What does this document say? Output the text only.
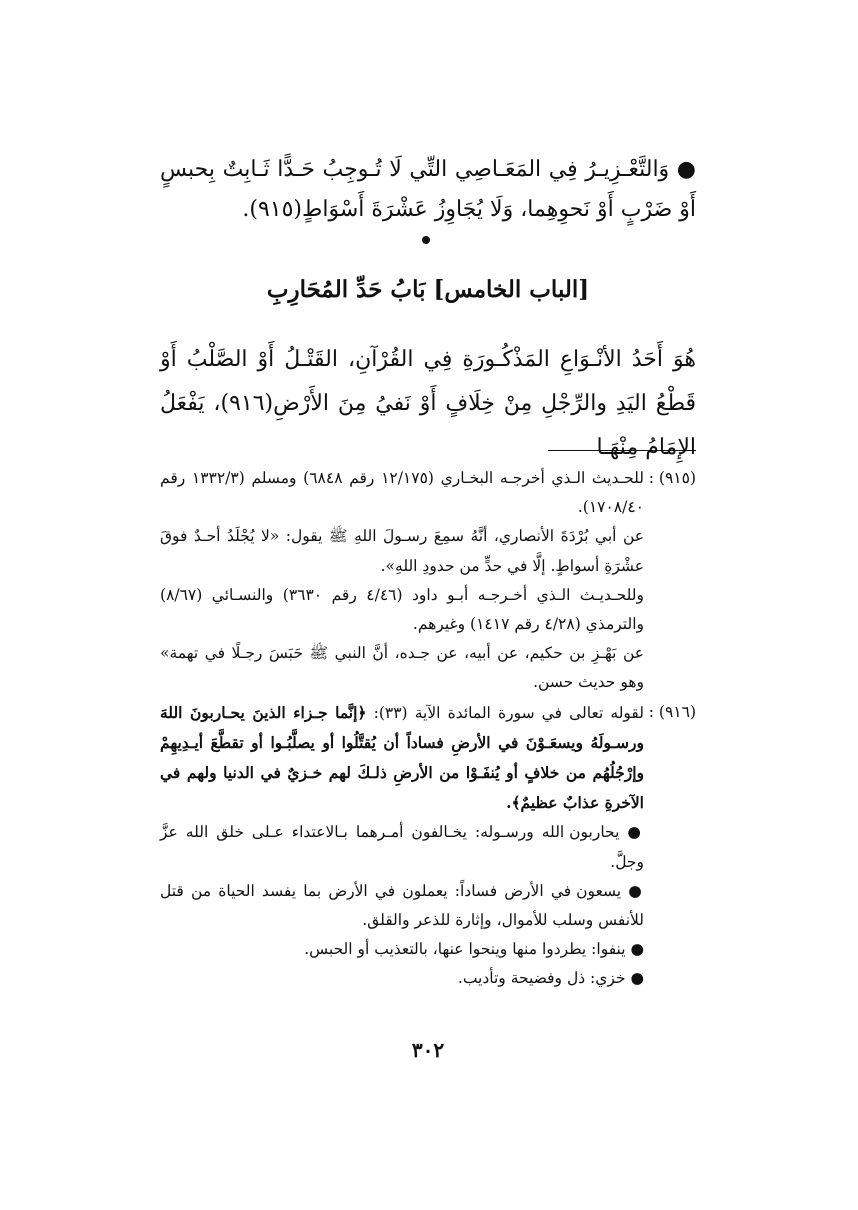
● وَالتَّعْـزِيـرُ فِي المَعَـاصِي التِّي لَا تُـوجِبُ حَـدًّا ثَـابِتٌ بِحبسٍ أَوْ ضَرْبٍ أَوْ نَحوِهِما، وَلَا يُجَاوِزُ عَشْرَةَ أَسْوَاطٍ(٩١٥).
[الباب الخامس] بَابُ حَدِّ المُحَارِبِ
هُوَ أَحَدُ الأنْـوَاعِ المَذْكُـورَةِ فِي القُرْآنِ، القَتْـلُ أَوْ الصَّلْبُ أَوْ قَطْعُ اليَدِ والرِّجْلِ مِنْ خِلَافٍ أَوْ نَفيُ مِنَ الأَرْضِ(٩١٦)، يَفْعَلُ الإِمَامُ مِنْهَـا
(٩١٥) :

للحـديث الـذي أخرجـه البخـاري (١٢/١٧٥ رقم ٦٨٤٨) ومسلم (١٣٣٢/٣ رقم ١٧٠٨/٤٠).

عن أبي بُرْدَةَ الأنصاري، أنَّهُ سمِعَ رسـولَ اللهِ ﷺ يقول: «لا يُجْلَدُ أحـدٌ فوقَ عشْرَةِ أسواطٍ. إلَّا في حدٍّ من حدودِ اللهِ».

وللحـديـث الـذي أخـرجـه أبـو داود (٤/٤٦ رقم ٣٦٣٠) والنسـائي (٨/٦٧) والترمذي (٤/٢٨ رقم ١٤١٧) وغيرهم.

عن بَهْـزِ بن حكيم، عن أبيه، عن جـده، أنَّ النبي ﷺ حَبَسَ رجـلًا في تهمة» وهو حديث حسن.

(٩١٦) :

لقوله تعالى في سورة المائدة الآية (٣٣): ﴿إنَّما جـزاء الذينَ يحـاربونَ اللهَ ورسـولَهُ ويسعَـوْنَ في الأرضِ فساداً أن يُقتَّلُوا أو يصلَّبُـوا أو تقطَّعَ أيـدِيهِمْ وإرْجُلُهُم من خلافٍ أو يُنفَـوْا من الأرضِ ذلـكَ لهم خـزيٌ في الدنيا ولهم في الآخرةِ عذابٌ عظيمٌ﴾.

● يحاربون الله ورسـوله: يخـالفون أمـرهما بـالاعتداء عـلى خلق الله عزَّ وجلَّ.

● يسعون في الأرض فساداً: يعملون في الأرض بما يفسد الحياة من قتل للأنفس وسلب للأموال، وإثارة للذعر والقلق.

● ينفوا: يطردوا منها وينحوا عنها، بالتعذيب أو الحبس.

● خزي: ذل وفضيحة وتأديب.

٣٠٢
